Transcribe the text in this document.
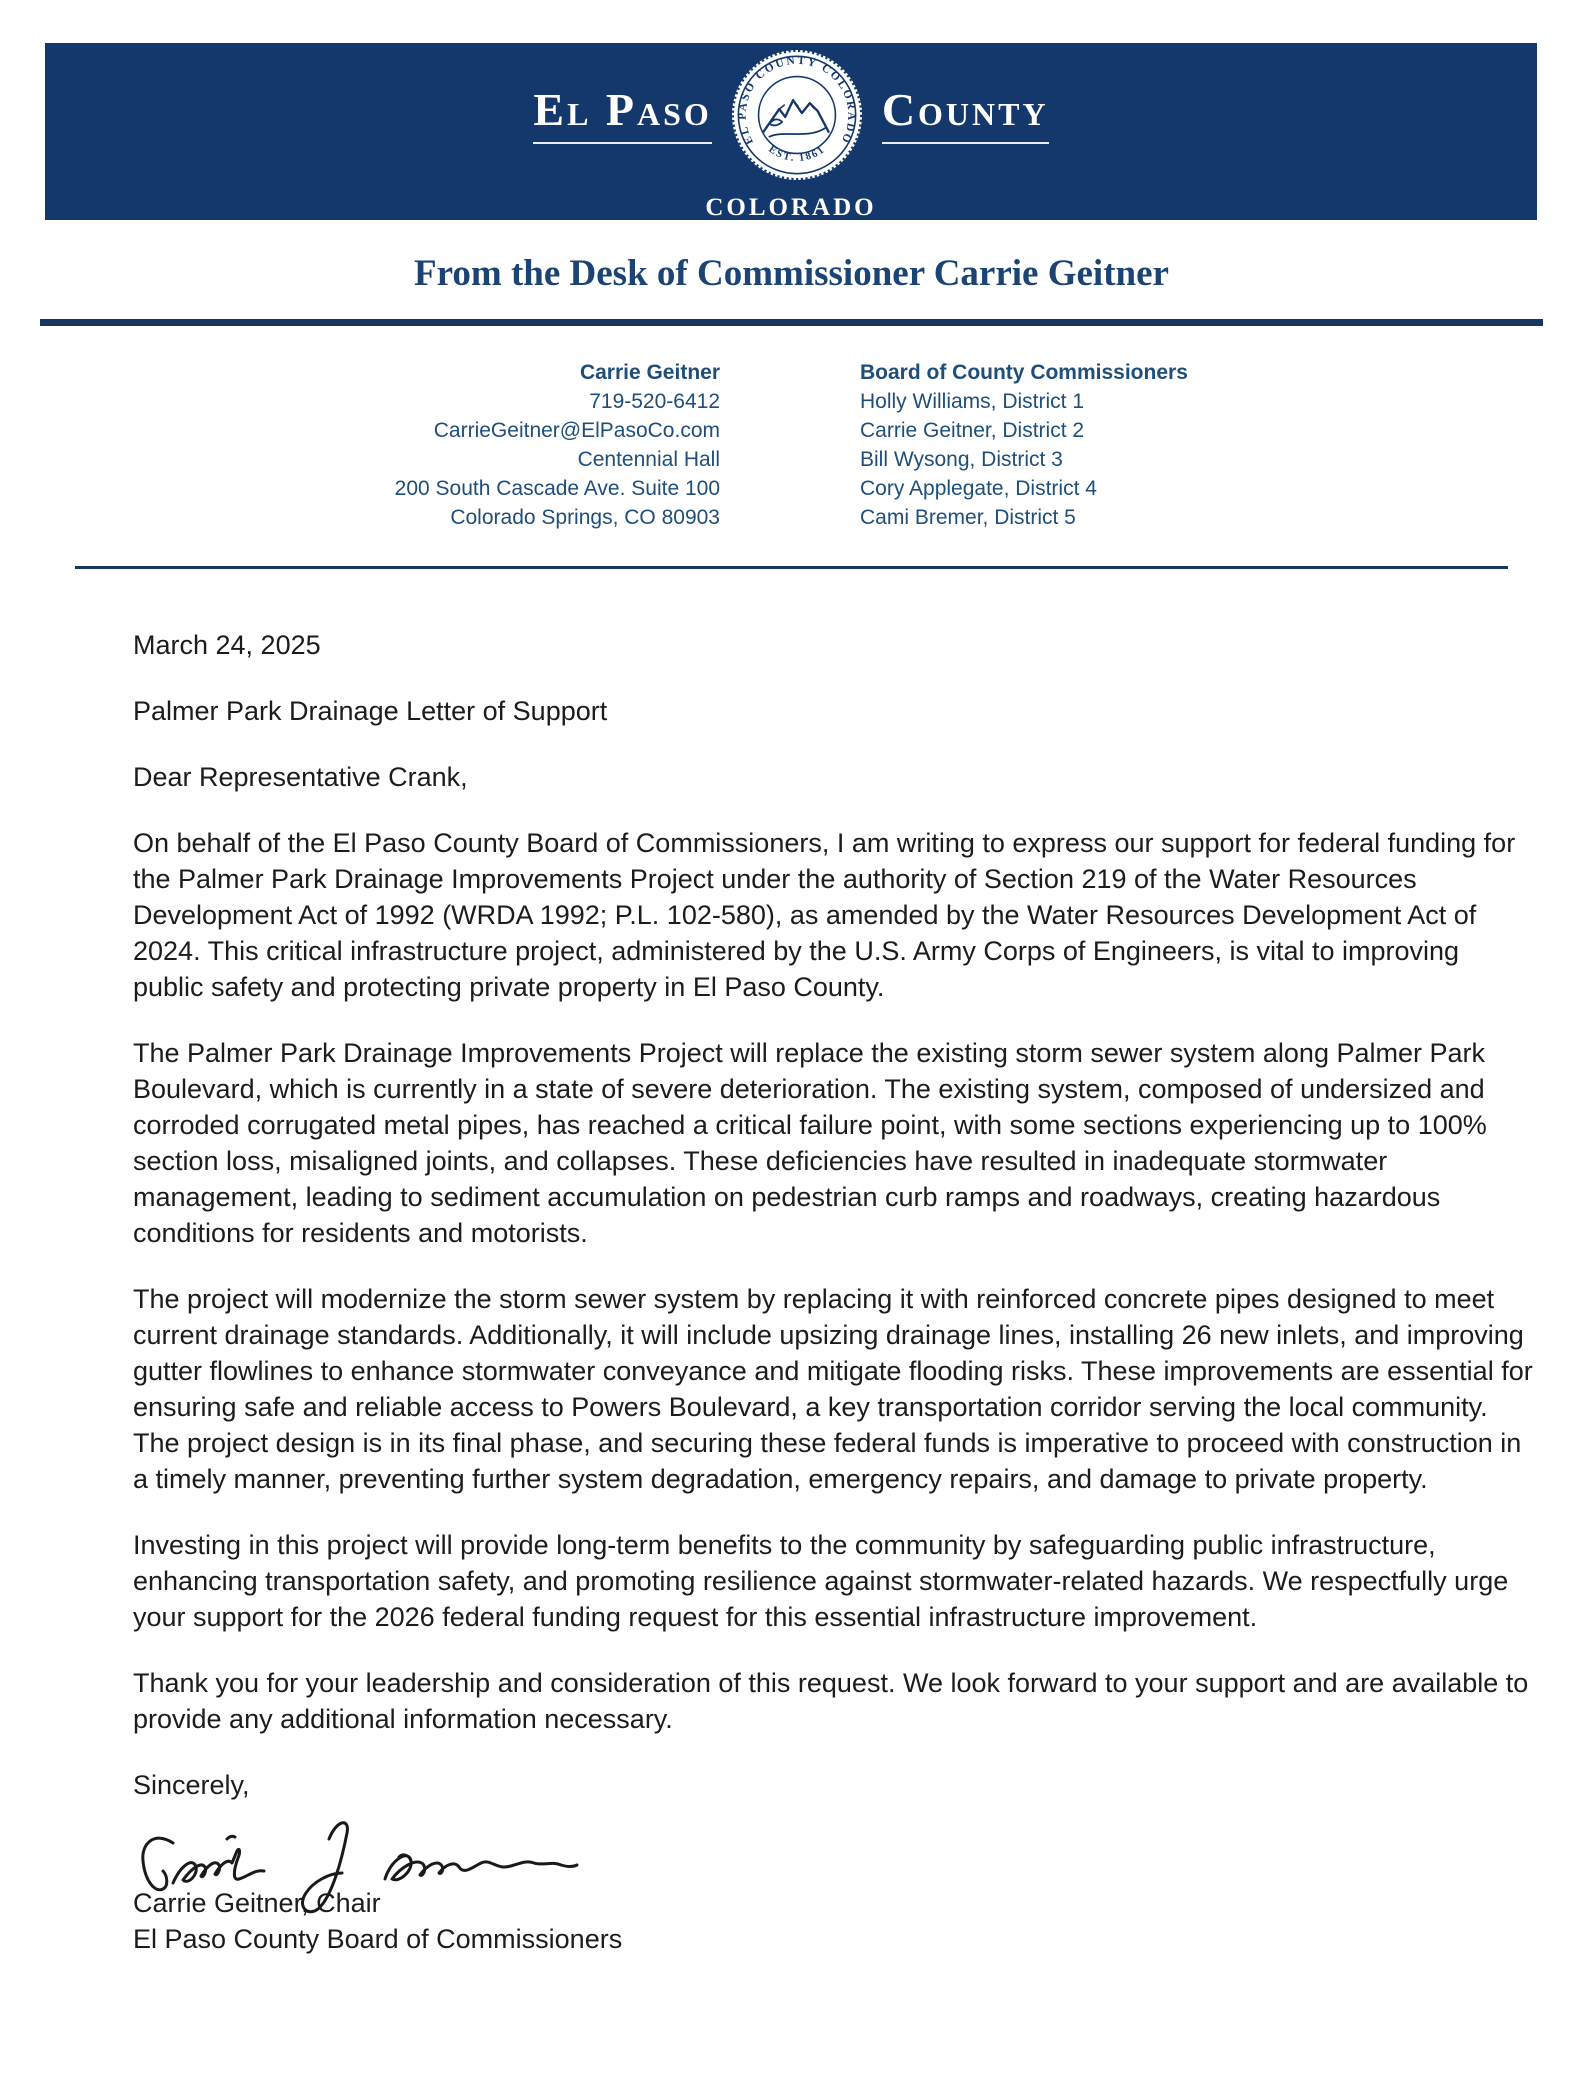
El Paso
EL PASO COUNTY COLORADO
EST. 1861
County
COLORADO
From the Desk of Commissioner Carrie Geitner
Carrie Geitner
719-520-6412
CarrieGeitner@ElPasoCo.com
Centennial Hall
200 South Cascade Ave. Suite 100
Colorado Springs, CO 80903
Board of County Commissioners
Holly Williams, District 1
Carrie Geitner, District 2
Bill Wysong, District 3
Cory Applegate, District 4
Cami Bremer, District 5

March 24, 2025

Palmer Park Drainage Letter of Support

Dear Representative Crank,

On behalf of the El Paso County Board of Commissioners, I am writing to express our support for federal funding for the Palmer Park Drainage Improvements Project under the authority of Section 219 of the Water Resources Development Act of 1992 (WRDA 1992; P.L. 102-580), as amended by the Water Resources Development Act of 2024. This critical infrastructure project, administered by the U.S. Army Corps of Engineers, is vital to improving public safety and protecting private property in El Paso County.

The Palmer Park Drainage Improvements Project will replace the existing storm sewer system along Palmer Park Boulevard, which is currently in a state of severe deterioration. The existing system, composed of undersized and corroded corrugated metal pipes, has reached a critical failure point, with some sections experiencing up to 100% section loss, misaligned joints, and collapses. These deficiencies have resulted in inadequate stormwater management, leading to sediment accumulation on pedestrian curb ramps and roadways, creating hazardous conditions for residents and motorists.

The project will modernize the storm sewer system by replacing it with reinforced concrete pipes designed to meet current drainage standards. Additionally, it will include upsizing drainage lines, installing 26 new inlets, and improving gutter flowlines to enhance stormwater conveyance and mitigate flooding risks. These improvements are essential for ensuring safe and reliable access to Powers Boulevard, a key transportation corridor serving the local community. The project design is in its final phase, and securing these federal funds is imperative to proceed with construction in a timely manner, preventing further system degradation, emergency repairs, and damage to private property.

Investing in this project will provide long-term benefits to the community by safeguarding public infrastructure, enhancing transportation safety, and promoting resilience against stormwater-related hazards. We respectfully urge your support for the 2026 federal funding request for this essential infrastructure improvement.

Thank you for your leadership and consideration of this request. We look forward to your support and are available to provide any additional information necessary.

Sincerely,

Carrie Geitner, Chair

El Paso County Board of Commissioners
